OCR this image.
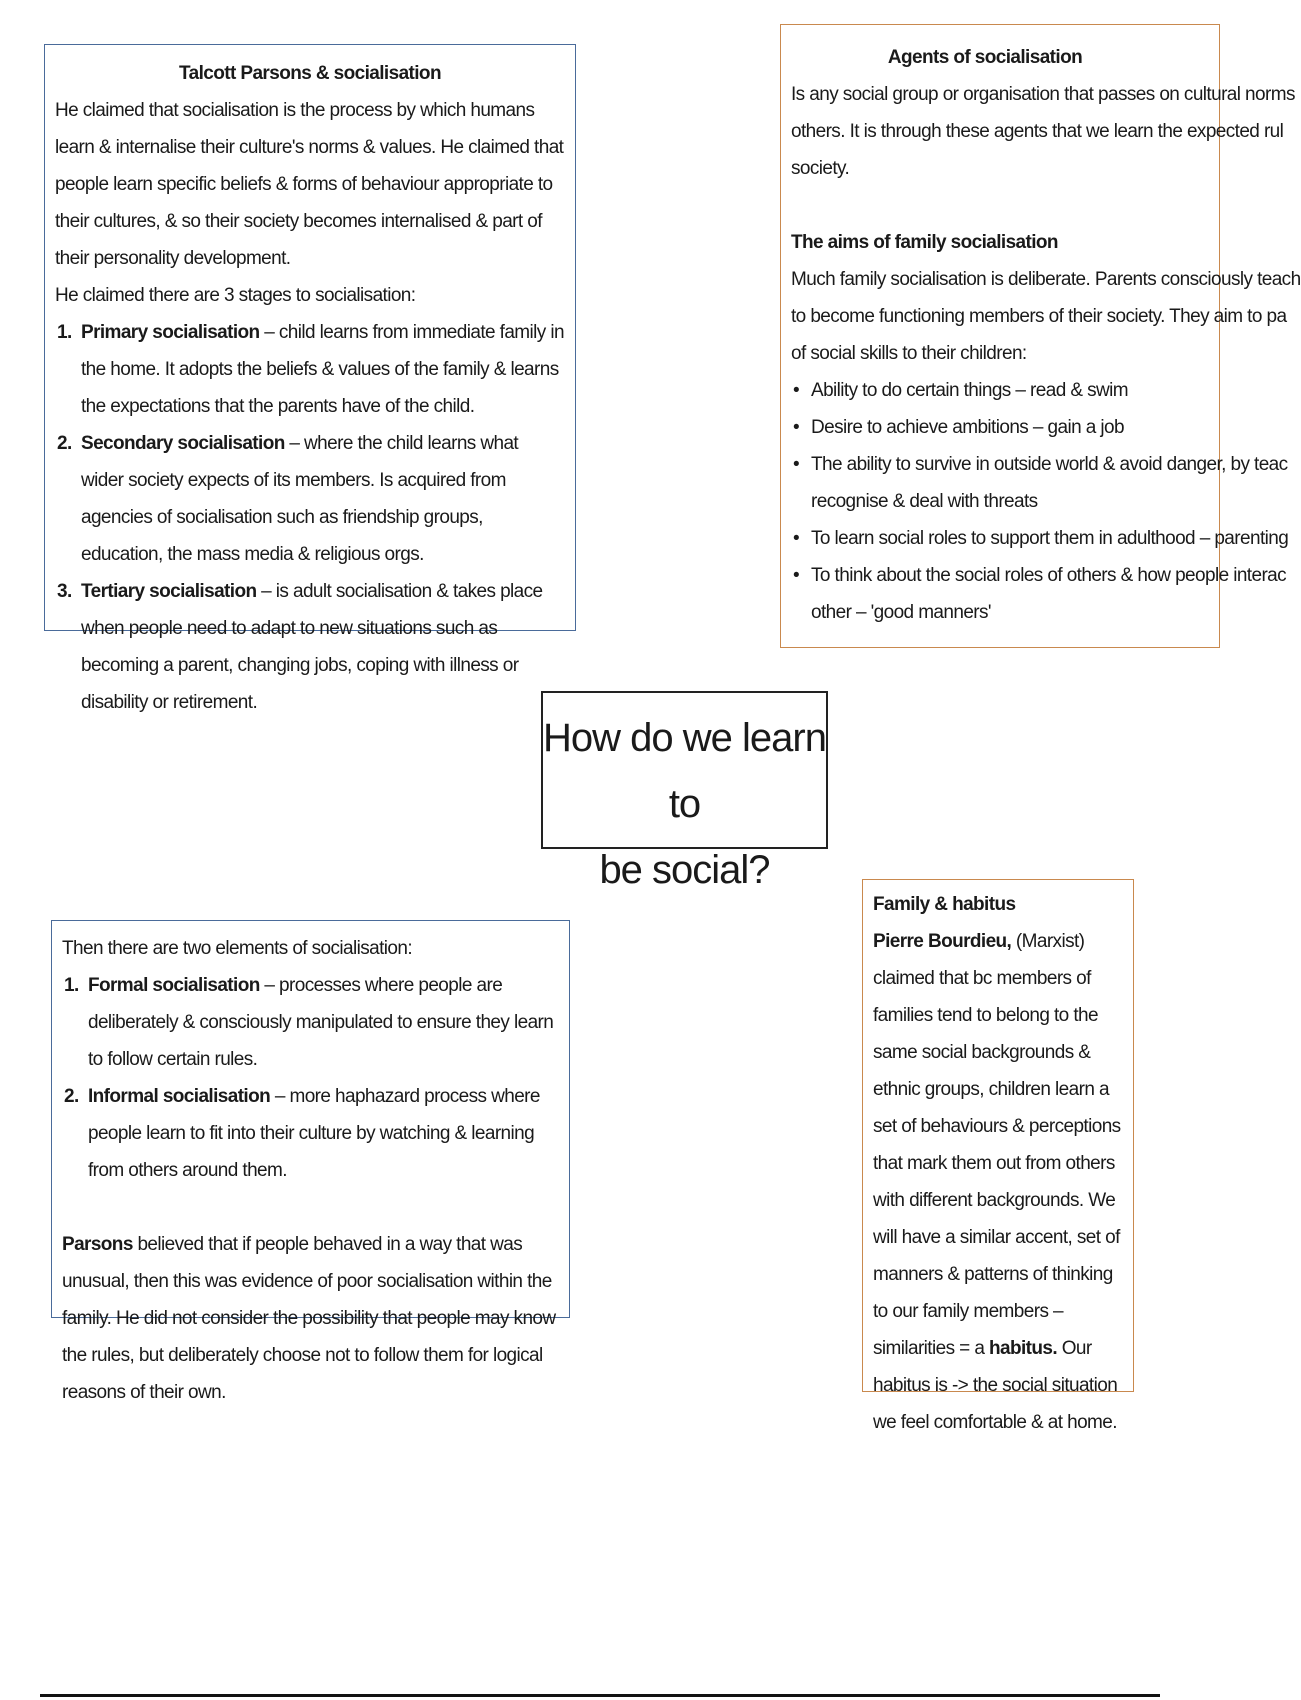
Talcott Parsons & socialisation

He claimed that socialisation is the process by which humans learn & internalise their culture's norms & values. He claimed that people learn specific beliefs & forms of behaviour appropriate to their cultures, & so their society becomes internalised & part of their personality development.

He claimed there are 3 stages to socialisation:

1. Primary socialisation – child learns from immediate family in the home. It adopts the beliefs & values of the family & learns the expectations that the parents have of the child.
2. Secondary socialisation – where the child learns what wider society expects of its members. Is acquired from agencies of socialisation such as friendship groups, education, the mass media & religious orgs.
3. Tertiary socialisation – is adult socialisation & takes place when people need to adapt to new situations such as becoming a parent, changing jobs, coping with illness or disability or retirement.
Agents of socialisation

Is any social group or organisation that passes on cultural norms

others. It is through these agents that we learn the expected rul

society.

The aims of family socialisation

Much family socialisation is deliberate. Parents consciously teach

to become functioning members of their society. They aim to pa

of social skills to their children:

• Ability to do certain things – read & swim
• Desire to achieve ambitions – gain a job
• The ability to survive in outside world & avoid danger, by teac
recognise & deal with threats
• To learn social roles to support them in adulthood – parenting
• To think about the social roles of others & how people interac
other – 'good manners'
How do we learn to
be social?

Then there are two elements of socialisation:

1. Formal socialisation – processes where people are deliberately & consciously manipulated to ensure they learn to follow certain rules.
2. Informal socialisation – more haphazard process where people learn to fit into their culture by watching & learning from others around them.

Parsons believed that if people behaved in a way that was unusual, then this was evidence of poor socialisation within the family. He did not consider the possibility that people may know the rules, but deliberately choose not to follow them for logical reasons of their own.

Family & habitus

Pierre Bourdieu, (Marxist) claimed that bc members of families tend to belong to the same social backgrounds & ethnic groups, children learn a set of behaviours & perceptions that mark them out from others with different backgrounds. We will have a similar accent, set of manners & patterns of thinking to our family members – similarities = a habitus. Our habitus is -> the social situation we feel comfortable & at home.
